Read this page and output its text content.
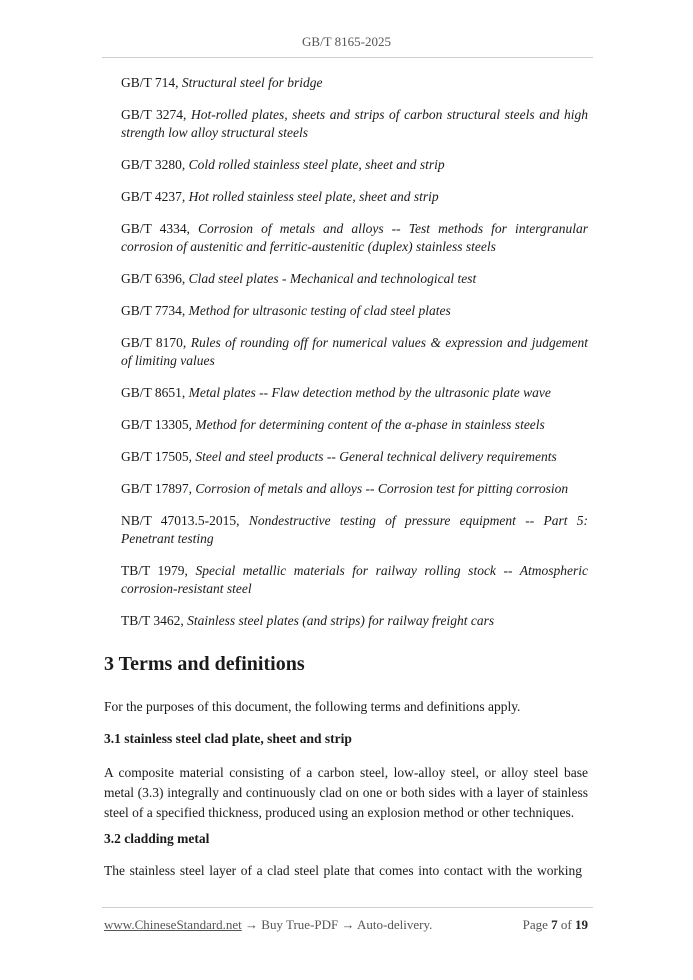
GB/T 8165-2025

GB/T 714, Structural steel for bridge

GB/T 3274, Hot-rolled plates, sheets and strips of carbon structural steels and high strength low alloy structural steels

GB/T 3280, Cold rolled stainless steel plate, sheet and strip

GB/T 4237, Hot rolled stainless steel plate, sheet and strip

GB/T 4334, Corrosion of metals and alloys -- Test methods for intergranular corrosion of austenitic and ferritic-austenitic (duplex) stainless steels

GB/T 6396, Clad steel plates - Mechanical and technological test

GB/T 7734, Method for ultrasonic testing of clad steel plates

GB/T 8170, Rules of rounding off for numerical values & expression and judgement of limiting values

GB/T 8651, Metal plates -- Flaw detection method by the ultrasonic plate wave

GB/T 13305, Method for determining content of the α-phase in stainless steels

GB/T 17505, Steel and steel products -- General technical delivery requirements

GB/T 17897, Corrosion of metals and alloys -- Corrosion test for pitting corrosion

NB/T 47013.5-2015, Nondestructive testing of pressure equipment -- Part 5: Penetrant testing

TB/T 1979, Special metallic materials for railway rolling stock -- Atmospheric corrosion-resistant steel

TB/T 3462, Stainless steel plates (and strips) for railway freight cars

3 Terms and definitions

For the purposes of this document, the following terms and definitions apply.

3.1 stainless steel clad plate, sheet and strip

A composite material consisting of a carbon steel, low-alloy steel, or alloy steel base metal (3.3) integrally and continuously clad on one or both sides with a layer of stainless steel of a specified thickness, produced using an explosion method or other techniques.

3.2 cladding metal

The stainless steel layer of a clad steel plate that comes into contact with the working

www.ChineseStandard.net → Buy True-PDF → Auto-delivery.	Page 7 of 19
